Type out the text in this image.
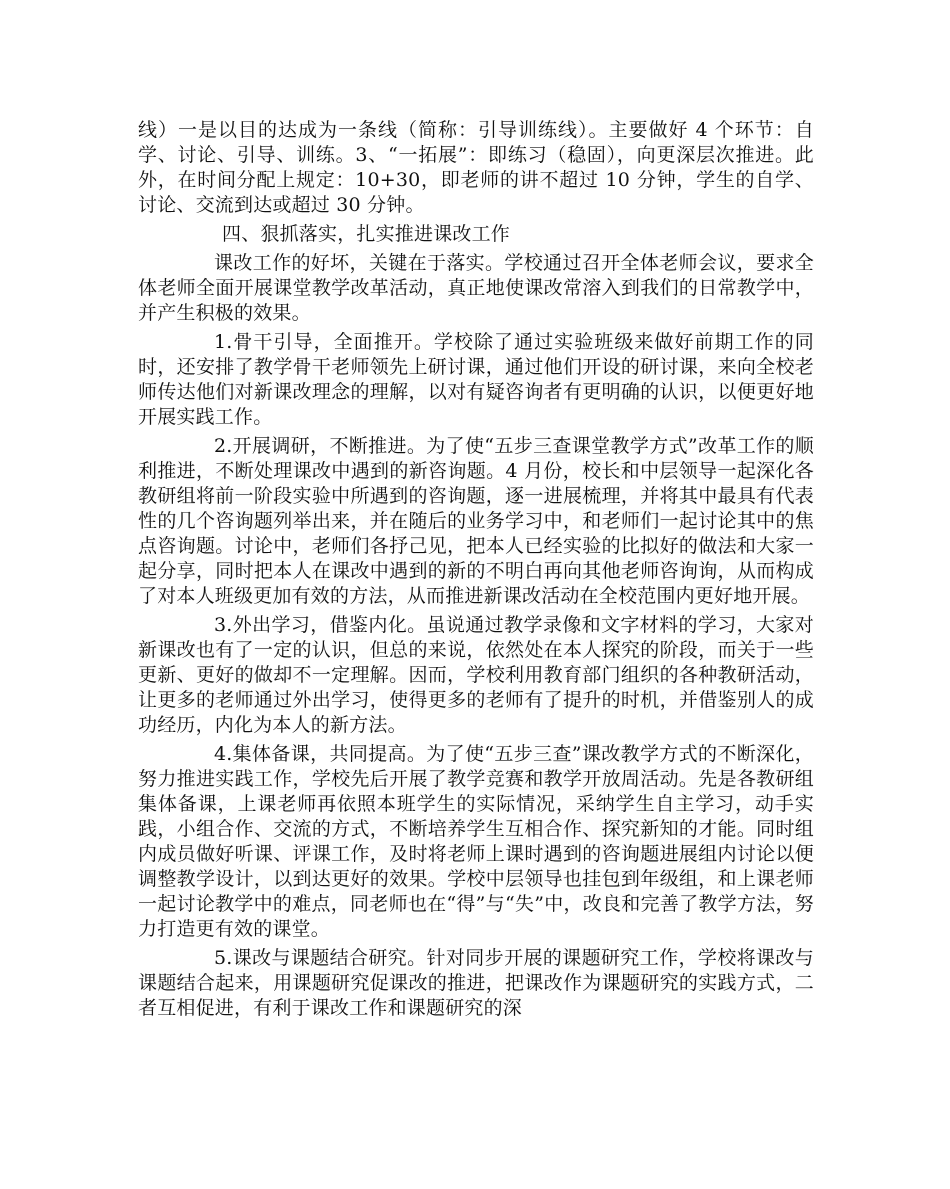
线）一是以目的达成为一条线（简称：引导训练线）。主要做好 4 个环节：自学、讨论、引导、训练。3、“一拓展”：即练习（稳固），向更深层次推进。此外，在时间分配上规定：10+30，即老师的讲不超过 10 分钟，学生的自学、讨论、交流到达或超过 30 分钟。

四、狠抓落实，扎实推进课改工作

课改工作的好坏，关键在于落实。学校通过召开全体老师会议，要求全体老师全面开展课堂教学改革活动，真正地使课改常溶入到我们的日常教学中，并产生积极的效果。

1.骨干引导，全面推开。学校除了通过实验班级来做好前期工作的同时，还安排了教学骨干老师领先上研讨课，通过他们开设的研讨课，来向全校老师传达他们对新课改理念的理解，以对有疑咨询者有更明确的认识，以便更好地开展实践工作。

2.开展调研，不断推进。为了使“五步三查课堂教学方式”改革工作的顺利推进，不断处理课改中遇到的新咨询题。4 月份，校长和中层领导一起深化各教研组将前一阶段实验中所遇到的咨询题，逐一进展梳理，并将其中最具有代表性的几个咨询题列举出来，并在随后的业务学习中，和老师们一起讨论其中的焦点咨询题。讨论中，老师们各抒己见，把本人已经实验的比拟好的做法和大家一起分享，同时把本人在课改中遇到的新的不明白再向其他老师咨询询，从而构成了对本人班级更加有效的方法，从而推进新课改活动在全校范围内更好地开展。

3.外出学习，借鉴内化。虽说通过教学录像和文字材料的学习，大家对新课改也有了一定的认识，但总的来说，依然处在本人探究的阶段，而关于一些更新、更好的做却不一定理解。因而，学校利用教育部门组织的各种教研活动，让更多的老师通过外出学习，使得更多的老师有了提升的时机，并借鉴别人的成功经历，内化为本人的新方法。

4.集体备课，共同提高。为了使“五步三查”课改教学方式的不断深化，努力推进实践工作，学校先后开展了教学竞赛和教学开放周活动。先是各教研组集体备课，上课老师再依照本班学生的实际情况，采纳学生自主学习，动手实践，小组合作、交流的方式，不断培养学生互相合作、探究新知的才能。同时组内成员做好听课、评课工作，及时将老师上课时遇到的咨询题进展组内讨论以便调整教学设计，以到达更好的效果。学校中层领导也挂包到年级组，和上课老师一起讨论教学中的难点，同老师也在“得”与“失”中，改良和完善了教学方法，努力打造更有效的课堂。

5.课改与课题结合研究。针对同步开展的课题研究工作，学校将课改与课题结合起来，用课题研究促课改的推进，把课改作为课题研究的实践方式，二者互相促进，有利于课改工作和课题研究的深
